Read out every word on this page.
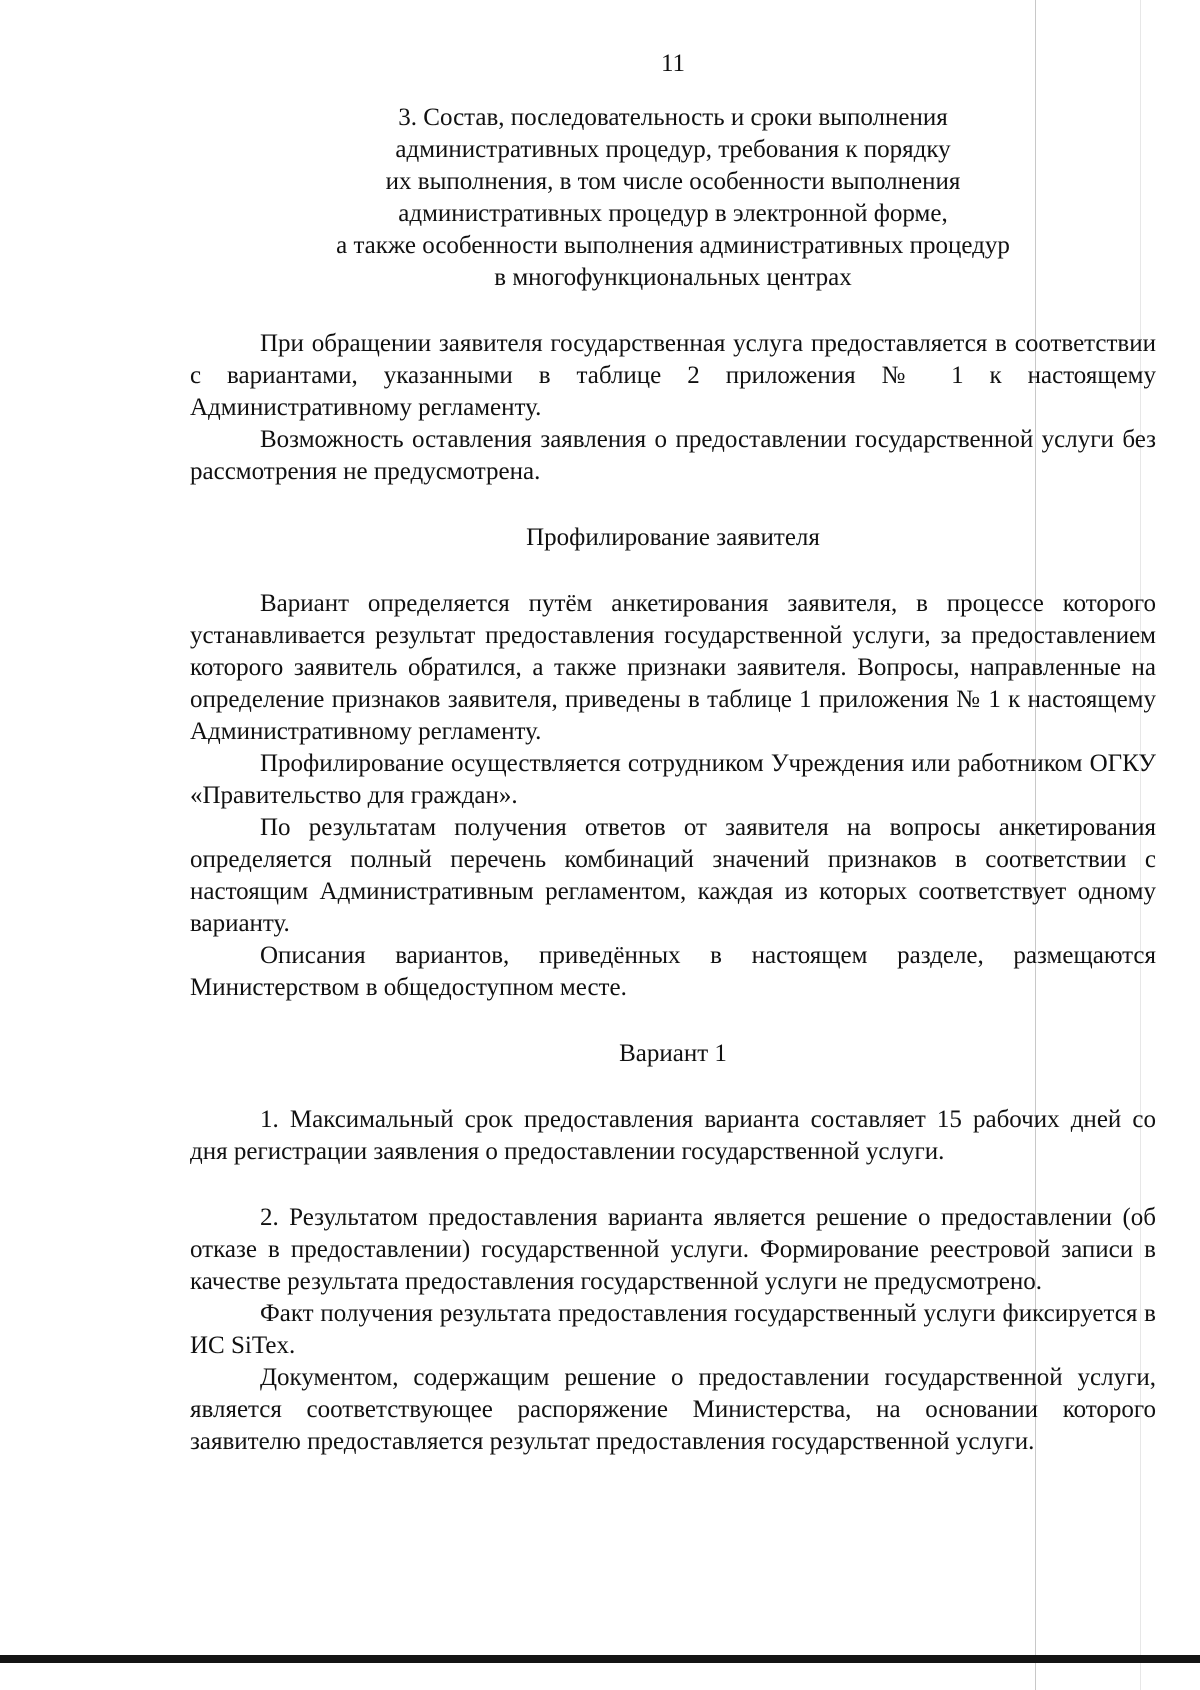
11
3. Состав, последовательность и сроки выполнения
административных процедур, требования к порядку
их выполнения, в том числе особенности выполнения
административных процедур в электронной форме,
а также особенности выполнения административных процедур
в многофункциональных центрах

При обращении заявителя государственная услуга предоставляется в соответствии с вариантами, указанными в таблице 2 приложения № 1 к настоящему Административному регламенту.

Возможность оставления заявления о предоставлении государственной услуги без рассмотрения не предусмотрена.

Профилирование заявителя

Вариант определяется путём анкетирования заявителя, в процессе которого устанавливается результат предоставления государственной услуги, за предоставлением которого заявитель обратился, а также признаки заявителя. Вопросы, направленные на определение признаков заявителя, приведены в таблице 1 приложения № 1 к настоящему Административному регламенту.

Профилирование осуществляется сотрудником Учреждения или работником ОГКУ «Правительство для граждан».

По результатам получения ответов от заявителя на вопросы анкетирования определяется полный перечень комбинаций значений признаков в соответствии с настоящим Административным регламентом, каждая из которых соответствует одному варианту.

Описания вариантов, приведённых в настоящем разделе, размещаются Министерством в общедоступном месте.

Вариант 1

1. Максимальный срок предоставления варианта составляет 15 рабочих дней со дня регистрации заявления о предоставлении государственной услуги.

2. Результатом предоставления варианта является решение о предоставлении (об отказе в предоставлении) государственной услуги. Формирование реестровой записи в качестве результата предоставления государственной услуги не предусмотрено.

Факт получения результата предоставления государственный услуги фиксируется в ИС SiTex.

Документом, содержащим решение о предоставлении государственной услуги, является соответствующее распоряжение Министерства, на основании которого заявителю предоставляется результат предоставления государственной услуги.
